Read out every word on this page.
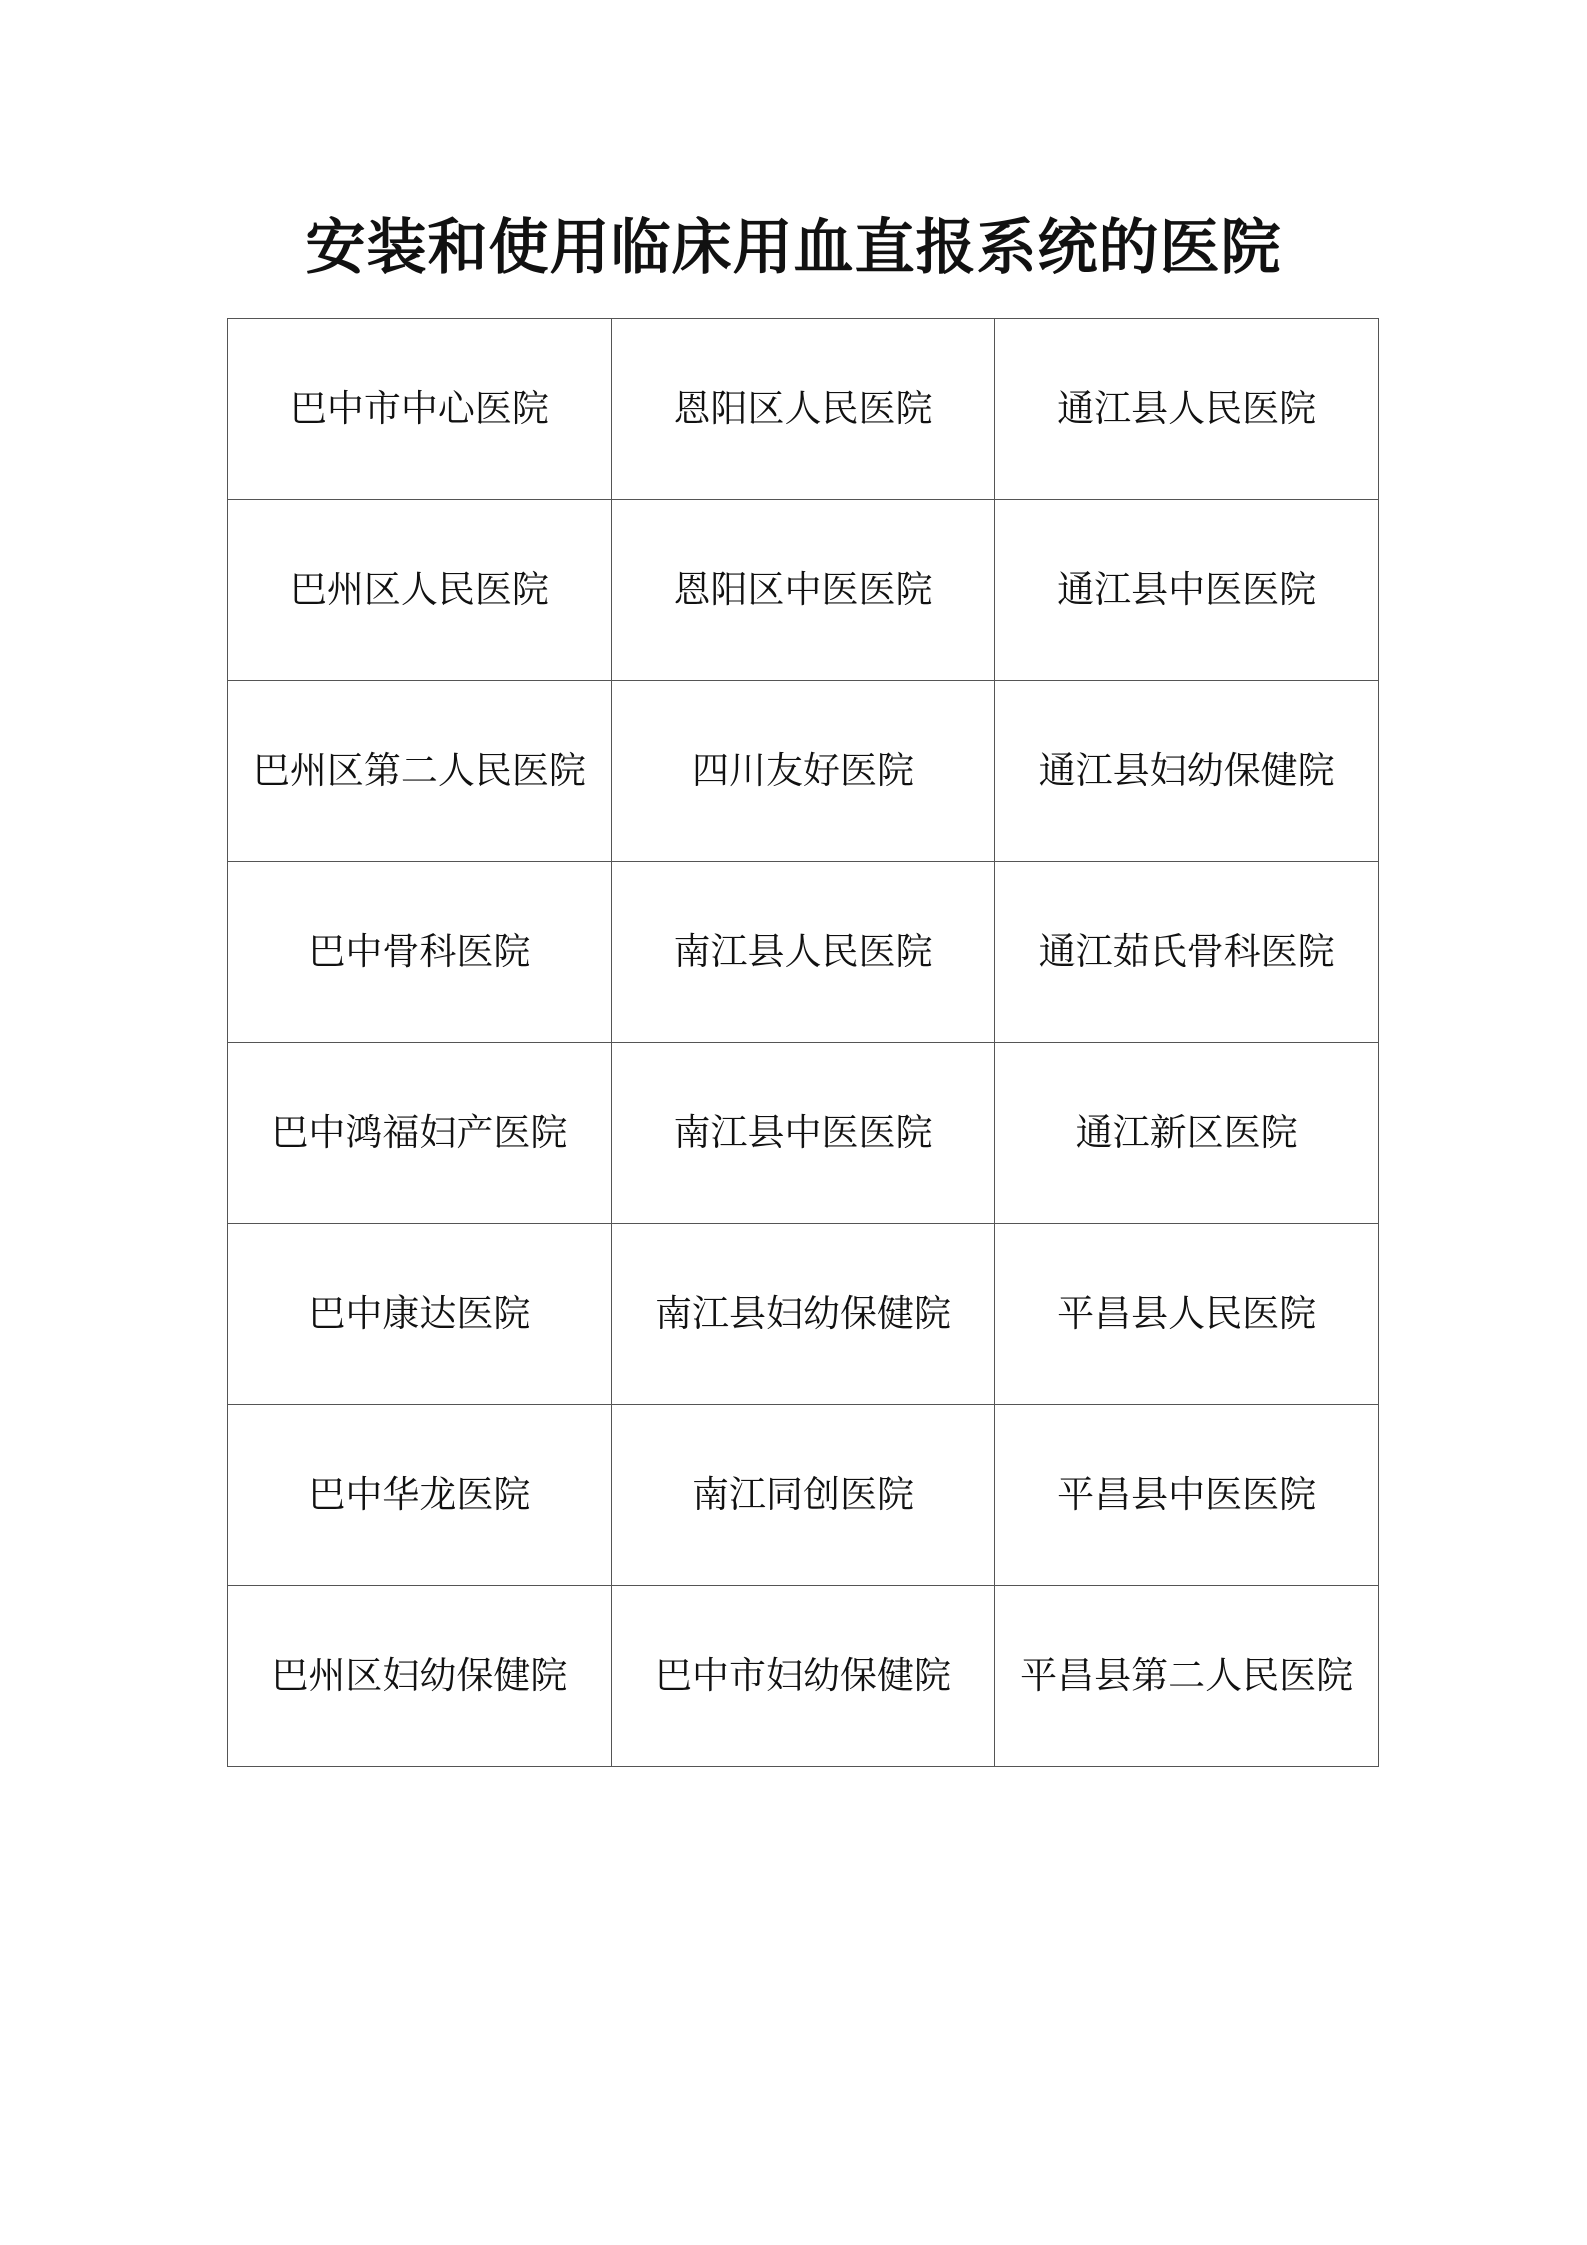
安装和使用临床用血直报系统的医院
巴中市中心医院	恩阳区人民医院	通江县人民医院
巴州区人民医院	恩阳区中医医院	通江县中医医院
巴州区第二人民医院	四川友好医院	通江县妇幼保健院
巴中骨科医院	南江县人民医院	通江茹氏骨科医院
巴中鸿福妇产医院	南江县中医医院	通江新区医院
巴中康达医院	南江县妇幼保健院	平昌县人民医院
巴中华龙医院	南江同创医院	平昌县中医医院
巴州区妇幼保健院	巴中市妇幼保健院	平昌县第二人民医院
